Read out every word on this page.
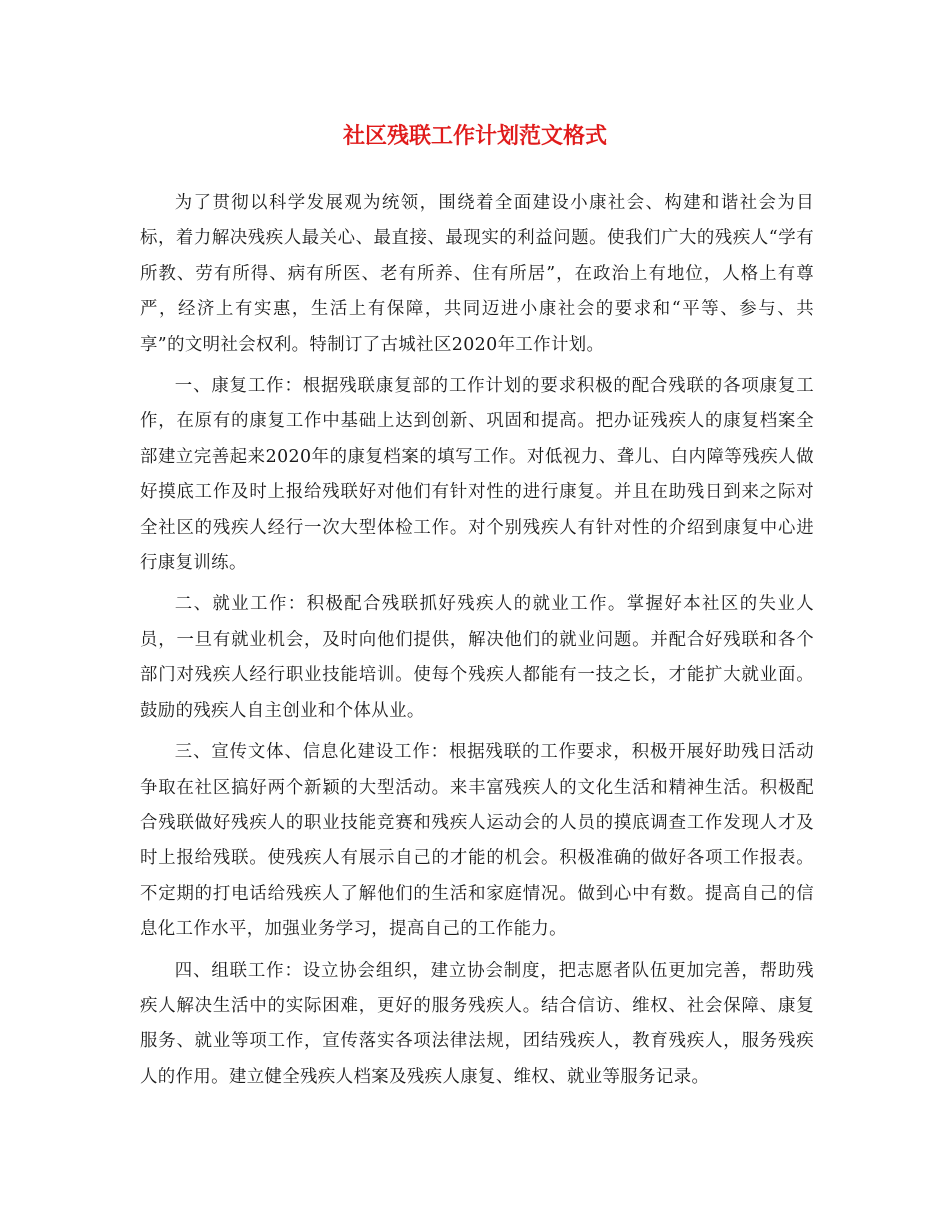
社区残联工作计划范文格式

为了贯彻以科学发展观为统领，围绕着全面建设小康社会、构建和谐社会为目标，着力解决残疾人最关心、最直接、最现实的利益问题。使我们广大的残疾人“学有所教、劳有所得、病有所医、老有所养、住有所居”，在政治上有地位，人格上有尊严，经济上有实惠，生活上有保障，共同迈进小康社会的要求和“平等、参与、共享”的文明社会权利。特制订了古城社区2020年工作计划。

一、康复工作：根据残联康复部的工作计划的要求积极的配合残联的各项康复工作，在原有的康复工作中基础上达到创新、巩固和提高。把办证残疾人的康复档案全部建立完善起来2020年的康复档案的填写工作。对低视力、聋儿、白内障等残疾人做好摸底工作及时上报给残联好对他们有针对性的进行康复。并且在助残日到来之际对全社区的残疾人经行一次大型体检工作。对个别残疾人有针对性的介绍到康复中心进行康复训练。

二、就业工作：积极配合残联抓好残疾人的就业工作。掌握好本社区的失业人员，一旦有就业机会，及时向他们提供，解决他们的就业问题。并配合好残联和各个部门对残疾人经行职业技能培训。使每个残疾人都能有一技之长，才能扩大就业面。鼓励的残疾人自主创业和个体从业。

三、宣传文体、信息化建设工作：根据残联的工作要求，积极开展好助残日活动争取在社区搞好两个新颖的大型活动。来丰富残疾人的文化生活和精神生活。积极配合残联做好残疾人的职业技能竞赛和残疾人运动会的人员的摸底调查工作发现人才及时上报给残联。使残疾人有展示自己的才能的机会。积极准确的做好各项工作报表。不定期的打电话给残疾人了解他们的生活和家庭情况。做到心中有数。提高自己的信息化工作水平，加强业务学习，提高自己的工作能力。

四、组联工作：设立协会组织，建立协会制度，把志愿者队伍更加完善，帮助残疾人解决生活中的实际困难，更好的服务残疾人。结合信访、维权、社会保障、康复服务、就业等项工作，宣传落实各项法律法规，团结残疾人，教育残疾人，服务残疾人的作用。建立健全残疾人档案及残疾人康复、维权、就业等服务记录。
